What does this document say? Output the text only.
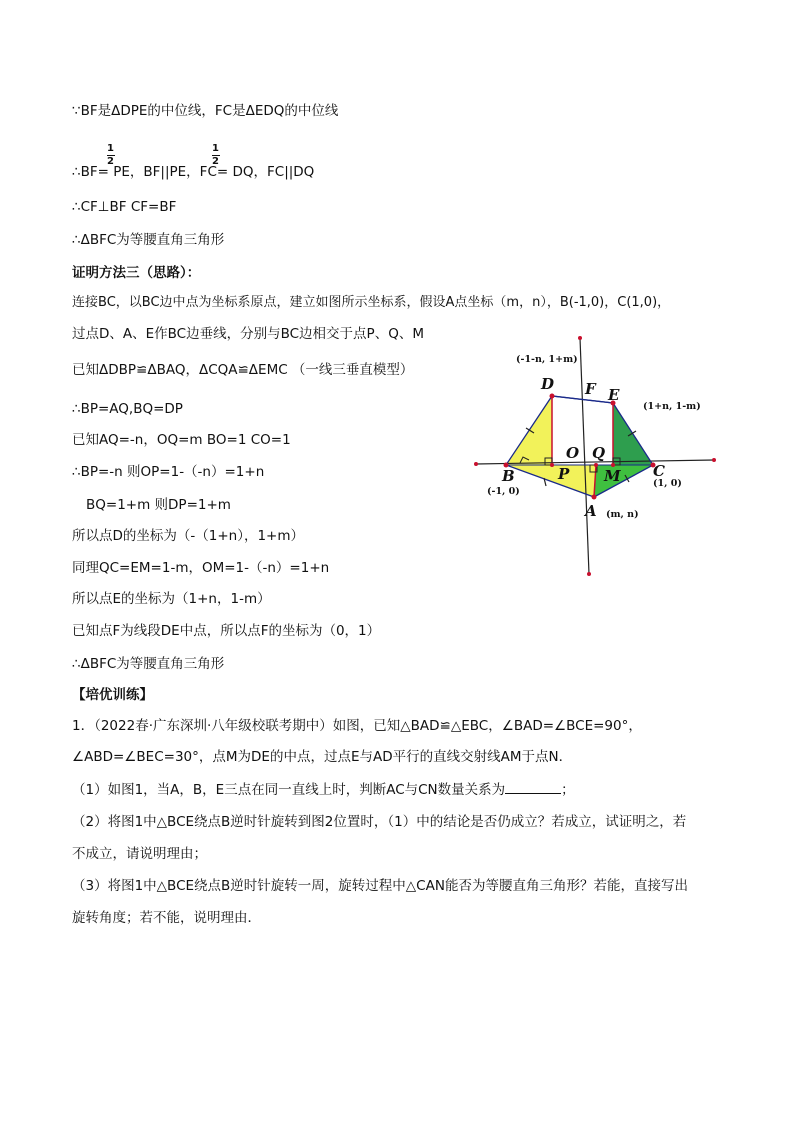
∵BF是ΔDPE的中位线，FC是ΔEDQ的中位线
1
2
1
2
∴BF= PE，BF||PE，FC= DQ，FC||DQ
∴CF⊥BF CF=BF
∴ΔBFC为等腰直角三角形
证明方法三（思路）：
连接BC，以BC边中点为坐标系原点，建立如图所示坐标系，假设A点坐标（m，n），B(-1,0)，C(1,0)，
过点D、A、E作BC边垂线，分别与BC边相交于点P、Q、M
已知ΔDBP≌ΔBAQ，ΔCQA≌ΔEMC （一线三垂直模型）
∴BP=AQ,BQ=DP
已知AQ=-n，OQ=m BO=1 CO=1
∴BP=-n 则OP=1-（-n）=1+n
BQ=1+m 则DP=1+m
所以点D的坐标为（-（1+n），1+m）
同理QC=EM=1-m，OM=1-（-n）=1+n
所以点E的坐标为（1+n，1-m）
已知点F为线段DE中点，所以点F的坐标为（0，1）
∴ΔBFC为等腰直角三角形
【培优训练】
1．（2022春·广东深圳·八年级校联考期中）如图，已知△BAD≌△EBC，∠BAD=∠BCE=90°，
∠ABD=∠BEC=30°，点M为DE的中点，过点E与AD平行的直线交射线AM于点N．
（1）如图1，当A，B，E三点在同一直线上时，判断AC与CN数量关系为	；
（2）将图1中△BCE绕点B逆时针旋转到图2位置时，（1）中的结论是否仍成立？若成立，试证明之，若
不成立，请说明理由；
（3）将图1中△BCE绕点B逆时针旋转一周，旋转过程中△CAN能否为等腰直角三角形？若能，直接写出
旋转角度；若不能，说明理由．
D F E
O Q
B	P M C
A
(-1-n, 1+m)
(1+n, 1-m)
(-1, 0)
(1, 0)
(m, n)
